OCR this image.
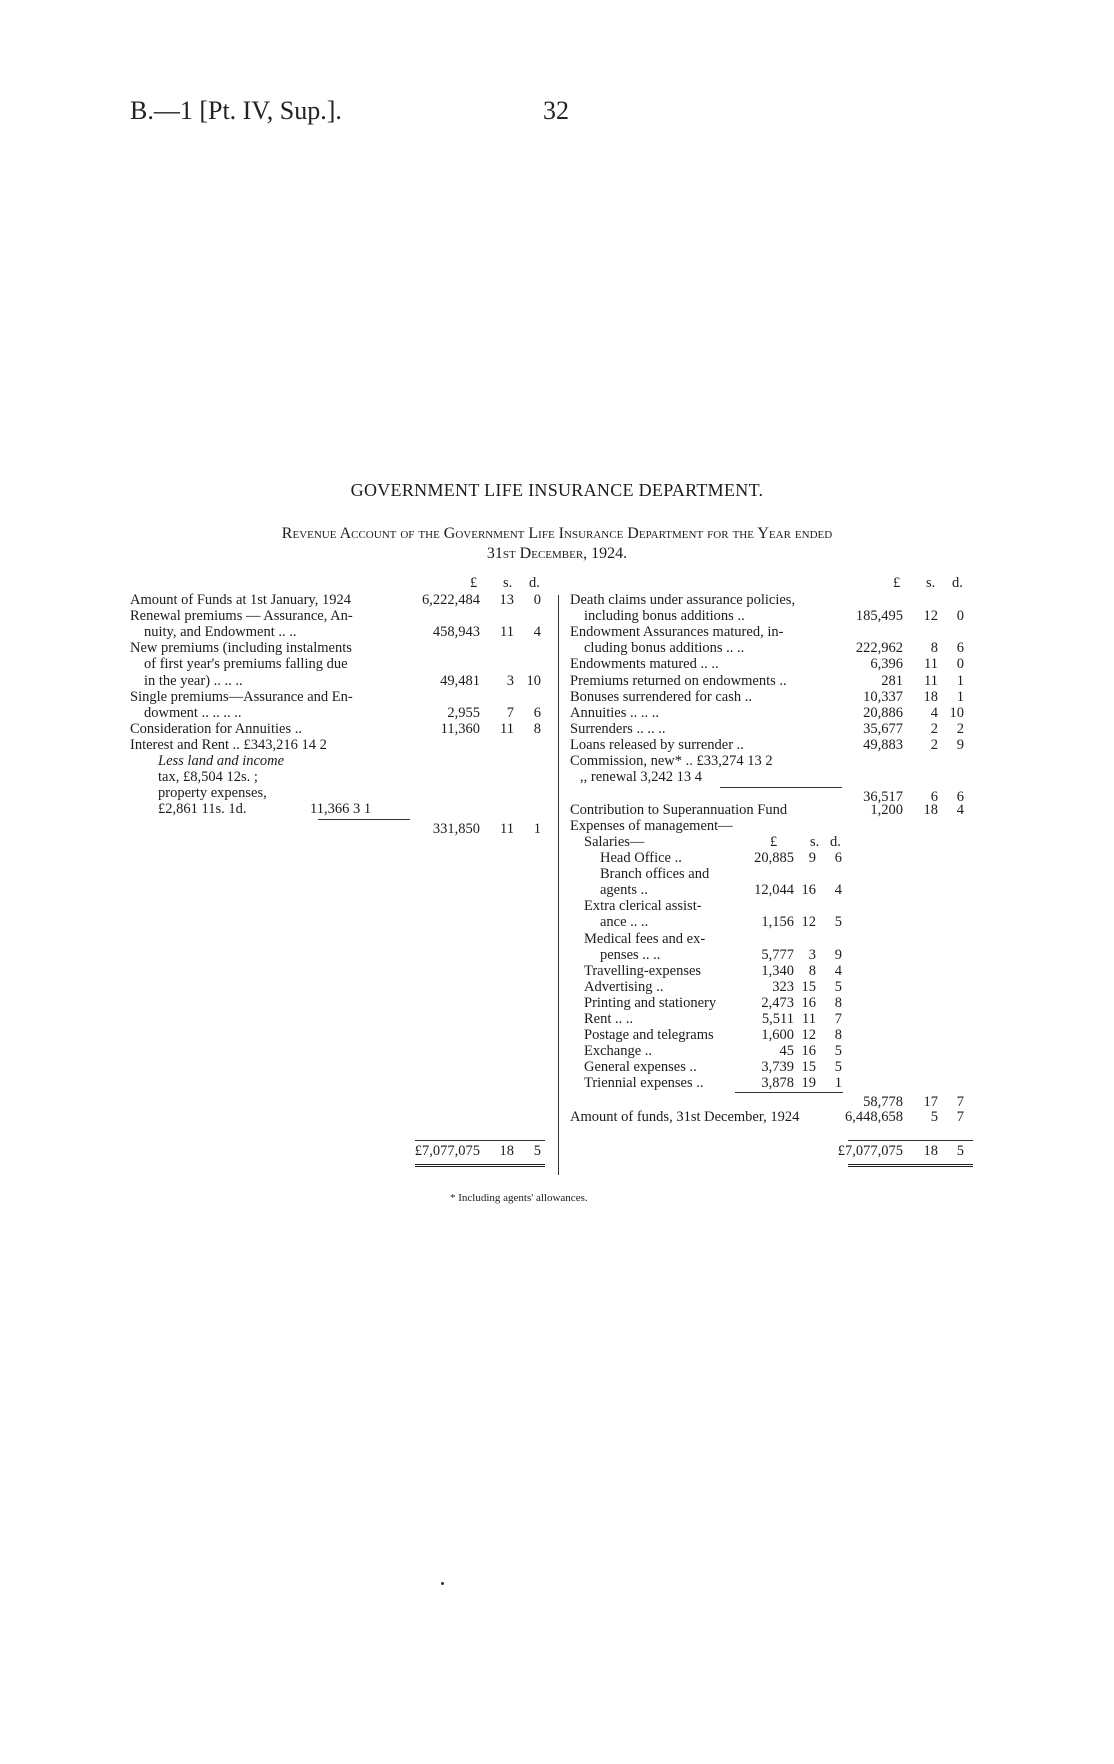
B.—1 [Pt. IV, Sup.].	32
GOVERNMENT LIFE INSURANCE DEPARTMENT.
Revenue Account of the Government Life Insurance Department for the Year ended
31st December, 1924.
£ s. d.
Amount of Funds at 1st January, 1924	6,222,484	13	0
Renewal premiums — Assurance, An-
nuity, and Endowment .. ..	458,943	11	4
New premiums (including instalments
of first year's premiums falling due
in the year) .. .. ..	49,481	3 10
Single premiums—Assurance and En-
dowment .. .. .. ..	2,955	7	6
Consideration for Annuities ..	11,360	11	8
Interest and Rent .. £343,216 14 2
Less land and income
tax, £8,504 12s. ;
property expenses,
£2,861 11s. 1d.	11,366 3 1
331,850	11	1
£7,077,075	18	5
£ s. d.
Death claims under assurance policies,
including bonus additions ..	185,495	12	0
Endowment Assurances matured, in-
cluding bonus additions .. ..	222,962	8	6
Endowments matured .. ..	6,396	11	0
Premiums returned on endowments ..	281	11	1
Bonuses surrendered for cash ..	10,337	18	1
Annuities .. .. ..	20,886	4 10
Surrenders .. .. ..	35,677	2	2
Loans released by surrender ..	49,883	2	9
Commission, new* .. £33,274 13 2
,, renewal 3,242 13 4
36,517	6	6
Contribution to Superannuation Fund	1,200	18	4
Expenses of management—
Salaries—	£ s. d.
Head Office ..	20,885	9	6
Branch offices and
agents ..	12,044 16	4
Extra clerical assist-
ance .. ..	1,156 12	5
Medical fees and ex-
penses .. ..	5,777	3	9
Travelling-expenses	1,340	8	4
Advertising ..	323 15	5
Printing and stationery	2,473 16	8
Rent .. ..	5,511 11	7
Postage and telegrams	1,600 12	8
Exchange ..	45 16	5
General expenses ..	3,739 15	5
Triennial expenses ..	3,878 19	1
58,778	17	7
Amount of funds, 31st December, 1924	6,448,658	5	7
£7,077,075	18	5
* Including agents' allowances.
